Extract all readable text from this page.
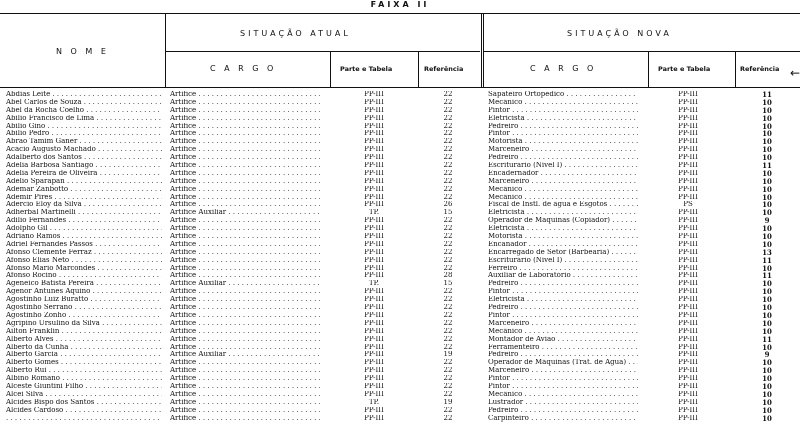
FAIXA II
N O M E
SITUAÇÃO ATUAL	SITUAÇÃO NOVA
C A R G O	Parte e Tabela	Referência	C A R G O	Parte e Tabela	Referência ←
Abdias Leite . . .	Artífice . . .	PP-III	22	Sapateiro Ortopédico . . .	PP-III	11
Abel Carlos de Souza . . .	Artífice . . .	PP-III	22	Mecânico . . .	PP-III	10
Abel da Rocha Coelho . . .	Artífice . . .	PP-III	22	Pintor . . .	PP-III	10
Abílio Francisco de Lima . . .	Artífice . . .	PP-III	22	Eletricista . . .	PP-III	10
Abílio Gino . . .	Artífice . . .	PP-III	22	Pedreiro . . .	PP-III	10
Abílio Pedro . . .	Artífice . . .	PP-III	22	Pintor . . .	PP-III	10
Abrão Tamim Ganer . . .	Artífice . . .	PP-III	22	Motorista . . .	PP-III	10
Acácio Augusto Machado . . .	Artífice . . .	PP-III	22	Marceneiro . . .	PP-III	10
Adalberto dos Santos . . .	Artífice . . .	PP-III	22	Pedreiro . . .	PP-III	10
Adélia Barbosa Santiago . . .	Artífice . . .	PP-III	22	Escriturário (Nível I) . . .	PP-III	11
Adélia Pereira de Oliveira . . .	Artífice . . .	PP-III	22	Encadernador . . .	PP-III	10
Adélio Sparapan . . .	Artífice . . .	PP-III	22	Marceneiro . . .	PP-III	10
Ademar Zanbotto . . .	Artífice . . .	PP-III	22	Mecânico . . .	PP-III	10
Ademir Pires . . .	Artífice . . .	PP-III	22	Mecânico . . .	PP-III	10
Adercio Eloy da Silva . . .	Artífice . . .	PP-III	26	Fiscal de Instl. de água e Esgotos . . .	PS	10
Adherbal Martinelli . . .	Artífice Auxiliar . . .	TP.	15	Eletricista . . .	PP-III	10
Adílio Fernandes . . .	Artífice . . .	PP-III	22	Operador de Máquinas (Copiador) . . .	PP-III	9
Adolpho Gil . . .	Artífice . . .	PP-III	22	Eletricista . . .	PP-III	10
Adriano Ramos . . .	Artífice . . .	PP-III	22	Motorista . . .	PP-III	10
Adriel Fernandes Passos . . .	Artífice . . .	PP-III	22	Encanador . . .	PP-III	10
Afonso Clemente Ferraz . . .	Artífice . . .	PP-III	22	Encarregado de Setor (Barbearia) . . .	PP-III	13
Afonso Elias Neto . . .	Artífice . . .	PP-III	22	Escriturário (Nível I) . . .	PP-III	11
Afonso Mario Marcondes . . .	Artífice . . .	PP-III	22	Ferreiro . . .	PP-III	10
Afonso Rocino . . .	Artífice . . .	PP-III	28	Auxiliar de Laboratório . . .	PP-III	11
Ageneico Batista Pereira . . .	Artífice Auxiliar . . .	TP.	15	Pedreiro . . .	PP-III	10
Agenor Antunes Aquino . . .	Artífice . . .	PP-III	22	Pintor . . .	PP-III	10
Agostinho Luiz Buratto . . .	Artífice . . .	PP-III	22	Eletricista . . .	PP-III	10
Agostinho Serrano . . .	Artífice . . .	PP-III	22	Pedreiro . . .	PP-III	10
Agostinho Zonho . . .	Artífice . . .	PP-III	22	Pintor . . .	PP-III	10
Agripino Ursulino da Silva . . .	Artífice . . .	PP-III	22	Marceneiro . . .	PP-III	10
Ailton Franklin . . .	Artífice . . .	PP-III	22	Mecânico . . .	PP-III	10
Alberto Alves . . .	Artífice . . .	PP-III	22	Montador de Avião . . .	PP-III	11
Alberto da Cunha . . .	Artífice . . .	PP-III	22	Ferramenteiro . . .	PP-III	10
Alberto Garcia . . .	Artífice Auxiliar . . .	PP-III	19	Pedreiro . . .	PP-III	9
Alberto Gomes . . .	Artífice . . .	PP-III	22	Operador de Máquinas (Trat. de Água) . . .	PP-III	10
Alberto Rui . . .	Artífice . . .	PP-III	22	Marceneiro . . .	PP-III	10
Albino Romano . . .	Artífice . . .	PP-III	22	Pintor . . .	PP-III	10
Alceste Giuntini Filho . . .	Artífice . . .	PP-III	22	Pintor . . .	PP-III	10
Alcei Silva . . .	Artífice . . .	PP-III	22	Mecânico . . .	PP-III	10
Alcides Bispo dos Santos . . .	Artífice . . .	TP.	19	Lustrador . . .	PP-III	10
Alcides Cardoso . . .	Artífice . . .	PP-III	22	Pedreiro . . .	PP-III	10
. . .
Artífice . . .	PP-III	22	Carpinteiro . . .	PP-III	10
